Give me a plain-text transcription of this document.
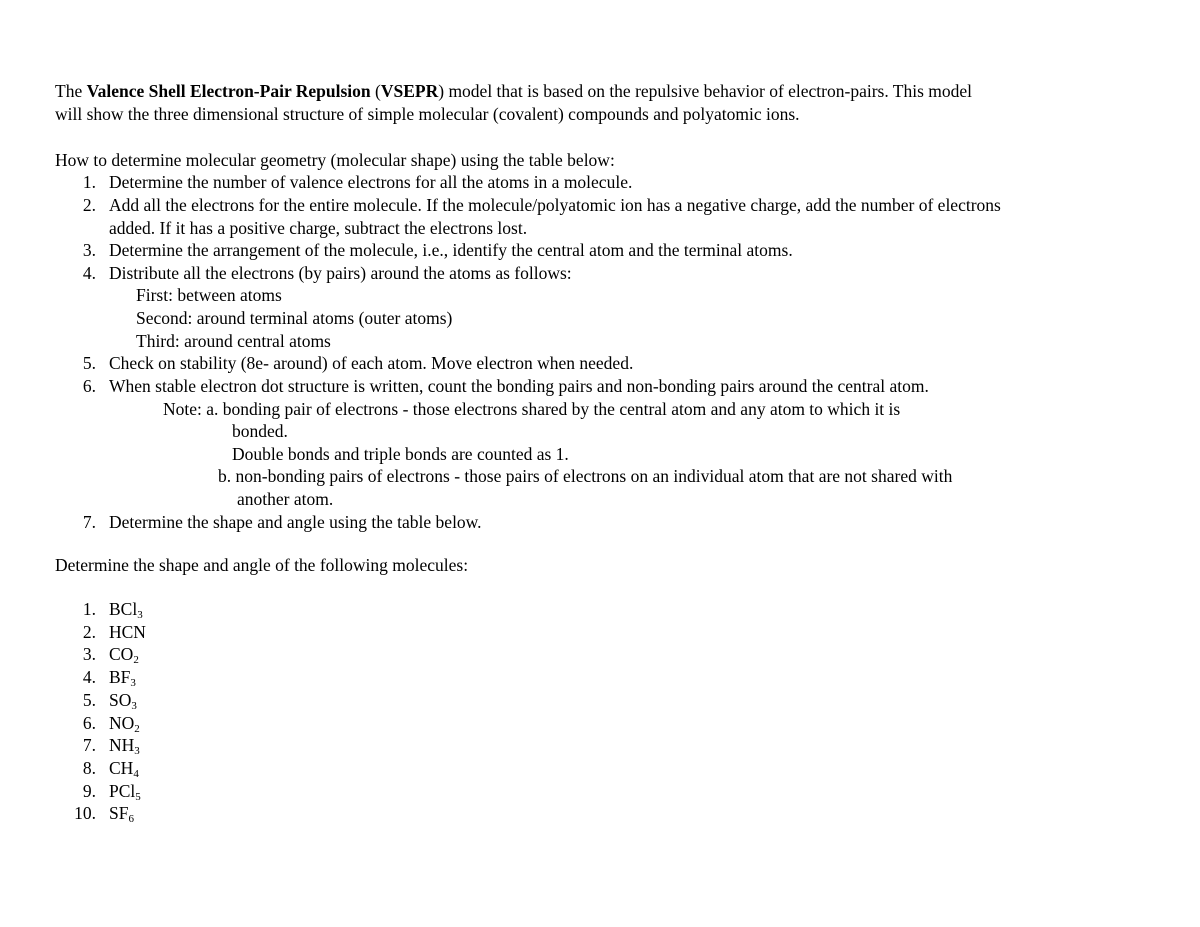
The Valence Shell Electron-Pair Repulsion (VSEPR) model that is based on the repulsive behavior of electron-pairs. This model
will show the three dimensional structure of simple molecular (covalent) compounds and polyatomic ions.
How to determine molecular geometry (molecular shape) using the table below:
1. Determine the number of valence electrons for all the atoms in a molecule.
2. Add all the electrons for the entire molecule. If the molecule/polyatomic ion has a negative charge, add the number of electrons
added. If it has a positive charge, subtract the electrons lost.
3. Determine the arrangement of the molecule, i.e., identify the central atom and the terminal atoms.
4. Distribute all the electrons (by pairs) around the atoms as follows:
First: between atoms
Second: around terminal atoms (outer atoms)
Third: around central atoms
5. Check on stability (8e- around) of each atom. Move electron when needed.
6. When stable electron dot structure is written, count the bonding pairs and non-bonding pairs around the central atom.
Note: a. bonding pair of electrons - those electrons shared by the central atom and any atom to which it is
bonded.
Double bonds and triple bonds are counted as 1.
b. non-bonding pairs of electrons - those pairs of electrons on an individual atom that are not shared with
another atom.
7. Determine the shape and angle using the table below.
Determine the shape and angle of the following molecules:
1. BCl$_3$
2. HCN
3. $CO_2$
4. $BF_3$
5. $SO_3$
6. $NO_2$
7. $NH_3$
8. $CH_4$
9. PCl$_5$
10. $SF_6$
